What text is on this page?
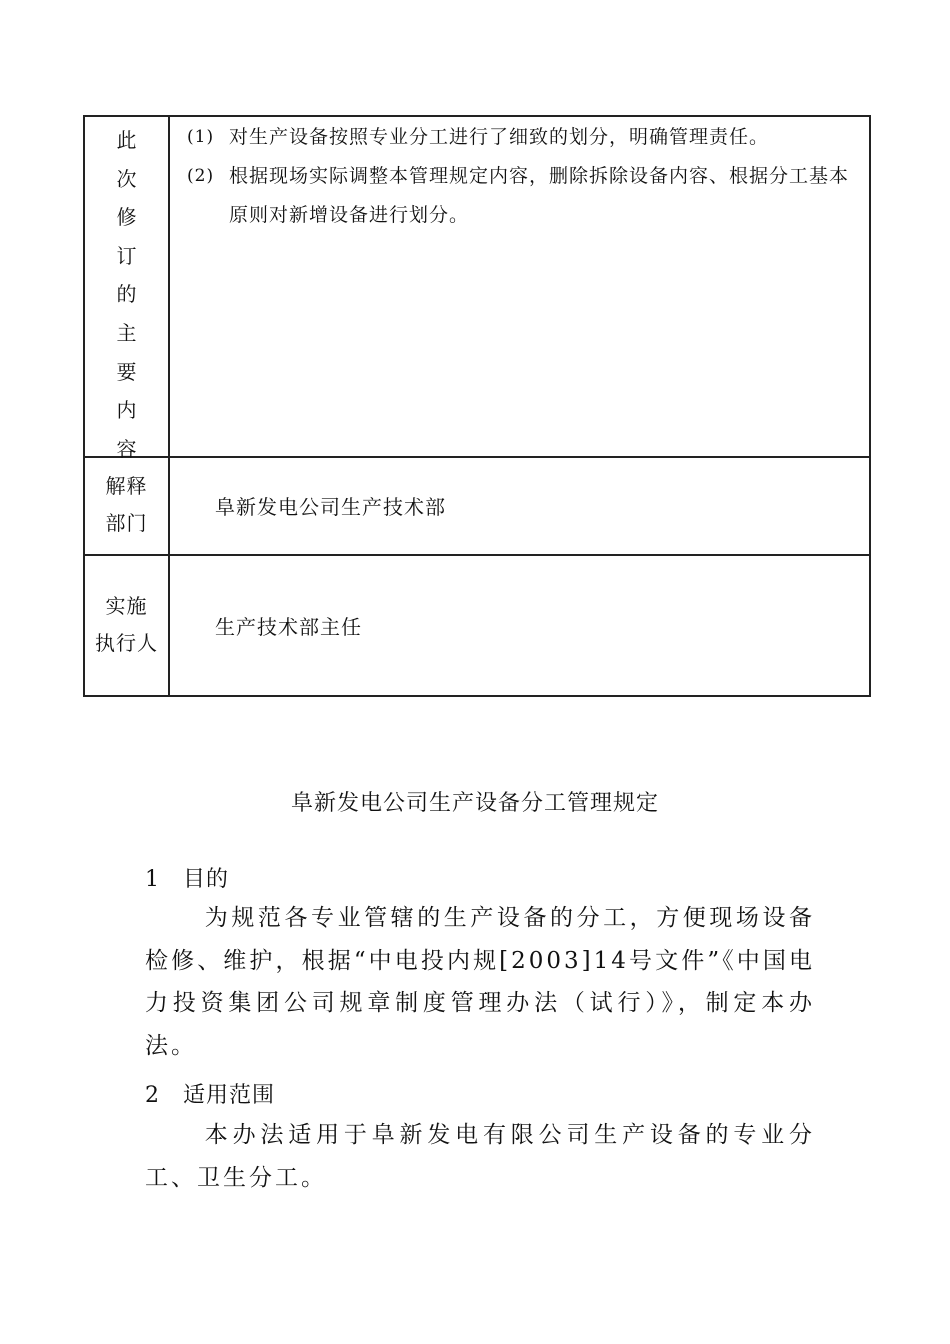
此
次
修
订
的
主
要
内
容
(1) 对生产设备按照专业分工进行了细致的划分，明确管理责任。
(2) 根据现场实际调整本管理规定内容，删除拆除设备内容、根据分工基本原则对新增设备进行划分。
解释
部门
阜新发电公司生产技术部
实施
执行人
生产技术部主任
阜新发电公司生产设备分工管理规定
1 目的
为规范各专业管辖的生产设备的分工，方便现场设备检修、维护，根据“中电投内规[2003]14号文件”《中国电力投资集团公司规章制度管理办法（试行）》，制定本办法。
2 适用范围
本办法适用于阜新发电有限公司生产设备的专业分工、卫生分工。
